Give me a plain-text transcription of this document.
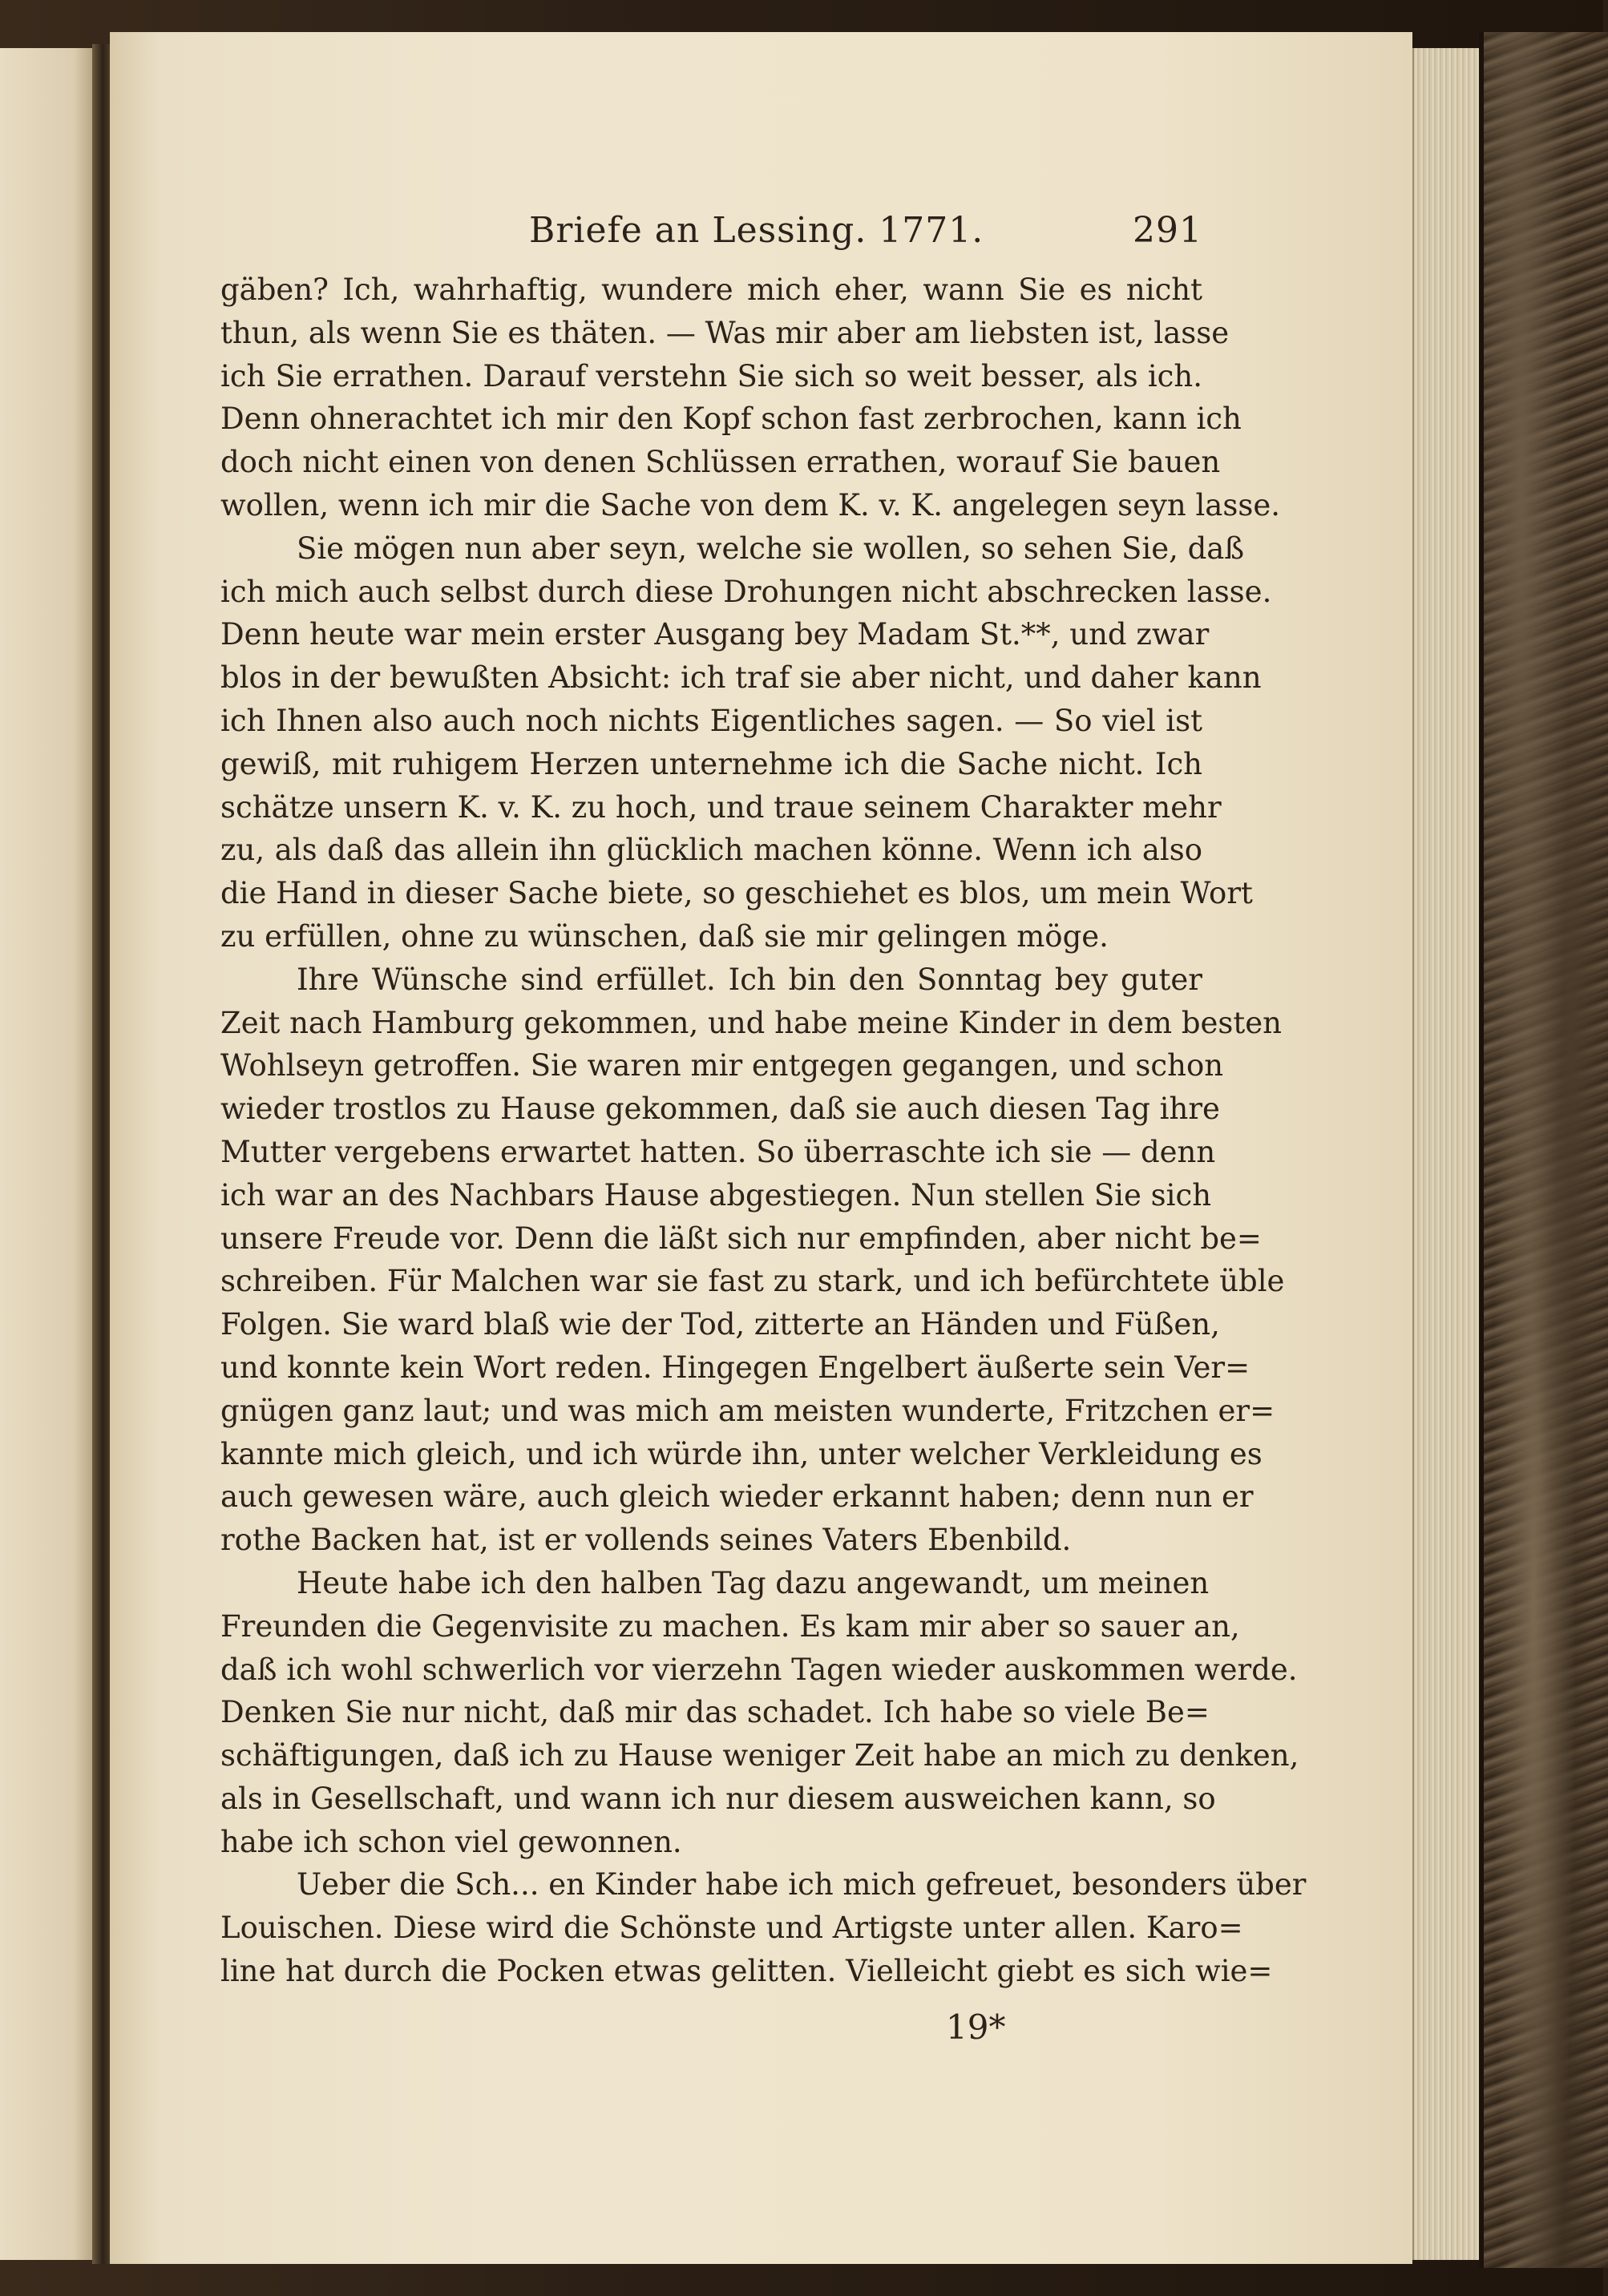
Briefe an Lessing. 1771.	291
gäben? Ich, wahrhaftig, wundere mich eher, wann Sie es nicht
thun, als wenn Sie es thäten. — Was mir aber am liebsten ist, lasse
ich Sie errathen. Darauf verstehn Sie sich so weit besser, als ich.
Denn ohnerachtet ich mir den Kopf schon fast zerbrochen, kann ich
doch nicht einen von denen Schlüssen errathen, worauf Sie bauen
wollen, wenn ich mir die Sache von dem K. v. K. angelegen seyn lasse.
Sie mögen nun aber seyn, welche sie wollen, so sehen Sie, daß
ich mich auch selbst durch diese Drohungen nicht abschrecken lasse.
Denn heute war mein erster Ausgang bey Madam St.**, und zwar
blos in der bewußten Absicht: ich traf sie aber nicht, und daher kann
ich Ihnen also auch noch nichts Eigentliches sagen. — So viel ist
gewiß, mit ruhigem Herzen unternehme ich die Sache nicht. Ich
schätze unsern K. v. K. zu hoch, und traue seinem Charakter mehr
zu, als daß das allein ihn glücklich machen könne. Wenn ich also
die Hand in dieser Sache biete, so geschiehet es blos, um mein Wort
zu erfüllen, ohne zu wünschen, daß sie mir gelingen möge.
Ihre Wünsche sind erfüllet. Ich bin den Sonntag bey guter
Zeit nach Hamburg gekommen, und habe meine Kinder in dem besten
Wohlseyn getroffen. Sie waren mir entgegen gegangen, und schon
wieder trostlos zu Hause gekommen, daß sie auch diesen Tag ihre
Mutter vergebens erwartet hatten. So überraschte ich sie — denn
ich war an des Nachbars Hause abgestiegen. Nun stellen Sie sich
unsere Freude vor. Denn die läßt sich nur empfinden, aber nicht be=
schreiben. Für Malchen war sie fast zu stark, und ich befürchtete üble
Folgen. Sie ward blaß wie der Tod, zitterte an Händen und Füßen,
und konnte kein Wort reden. Hingegen Engelbert äußerte sein Ver=
gnügen ganz laut; und was mich am meisten wunderte, Fritzchen er=
kannte mich gleich, und ich würde ihn, unter welcher Verkleidung es
auch gewesen wäre, auch gleich wieder erkannt haben; denn nun er
rothe Backen hat, ist er vollends seines Vaters Ebenbild.
Heute habe ich den halben Tag dazu angewandt, um meinen
Freunden die Gegenvisite zu machen. Es kam mir aber so sauer an,
daß ich wohl schwerlich vor vierzehn Tagen wieder auskommen werde.
Denken Sie nur nicht, daß mir das schadet. Ich habe so viele Be=
schäftigungen, daß ich zu Hause weniger Zeit habe an mich zu denken,
als in Gesellschaft, und wann ich nur diesem ausweichen kann, so
habe ich schon viel gewonnen.
Ueber die Sch... en Kinder habe ich mich gefreuet, besonders über
Louischen. Diese wird die Schönste und Artigste unter allen. Karo=
line hat durch die Pocken etwas gelitten. Vielleicht giebt es sich wie=
19*
